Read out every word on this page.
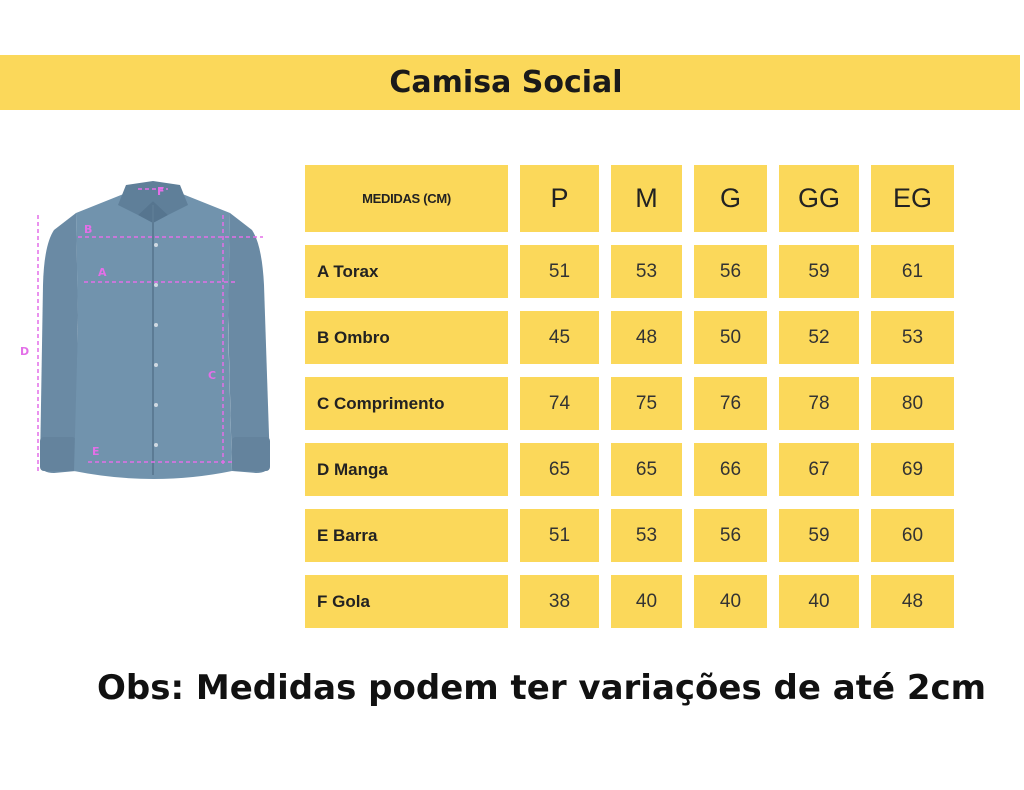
Camisa Social
F
B
A
D
C
E
MEDIDAS (CM)	P	M	G	GG	EG
A Torax	51	53	56	59	61
B Ombro	45	48	50	52	53
C Comprimento	74	75	76	78	80
D Manga	65	65	66	67	69
E Barra	51	53	56	59	60
F Gola	38	40	40	40	48
Obs: Medidas podem ter variações de até 2cm
